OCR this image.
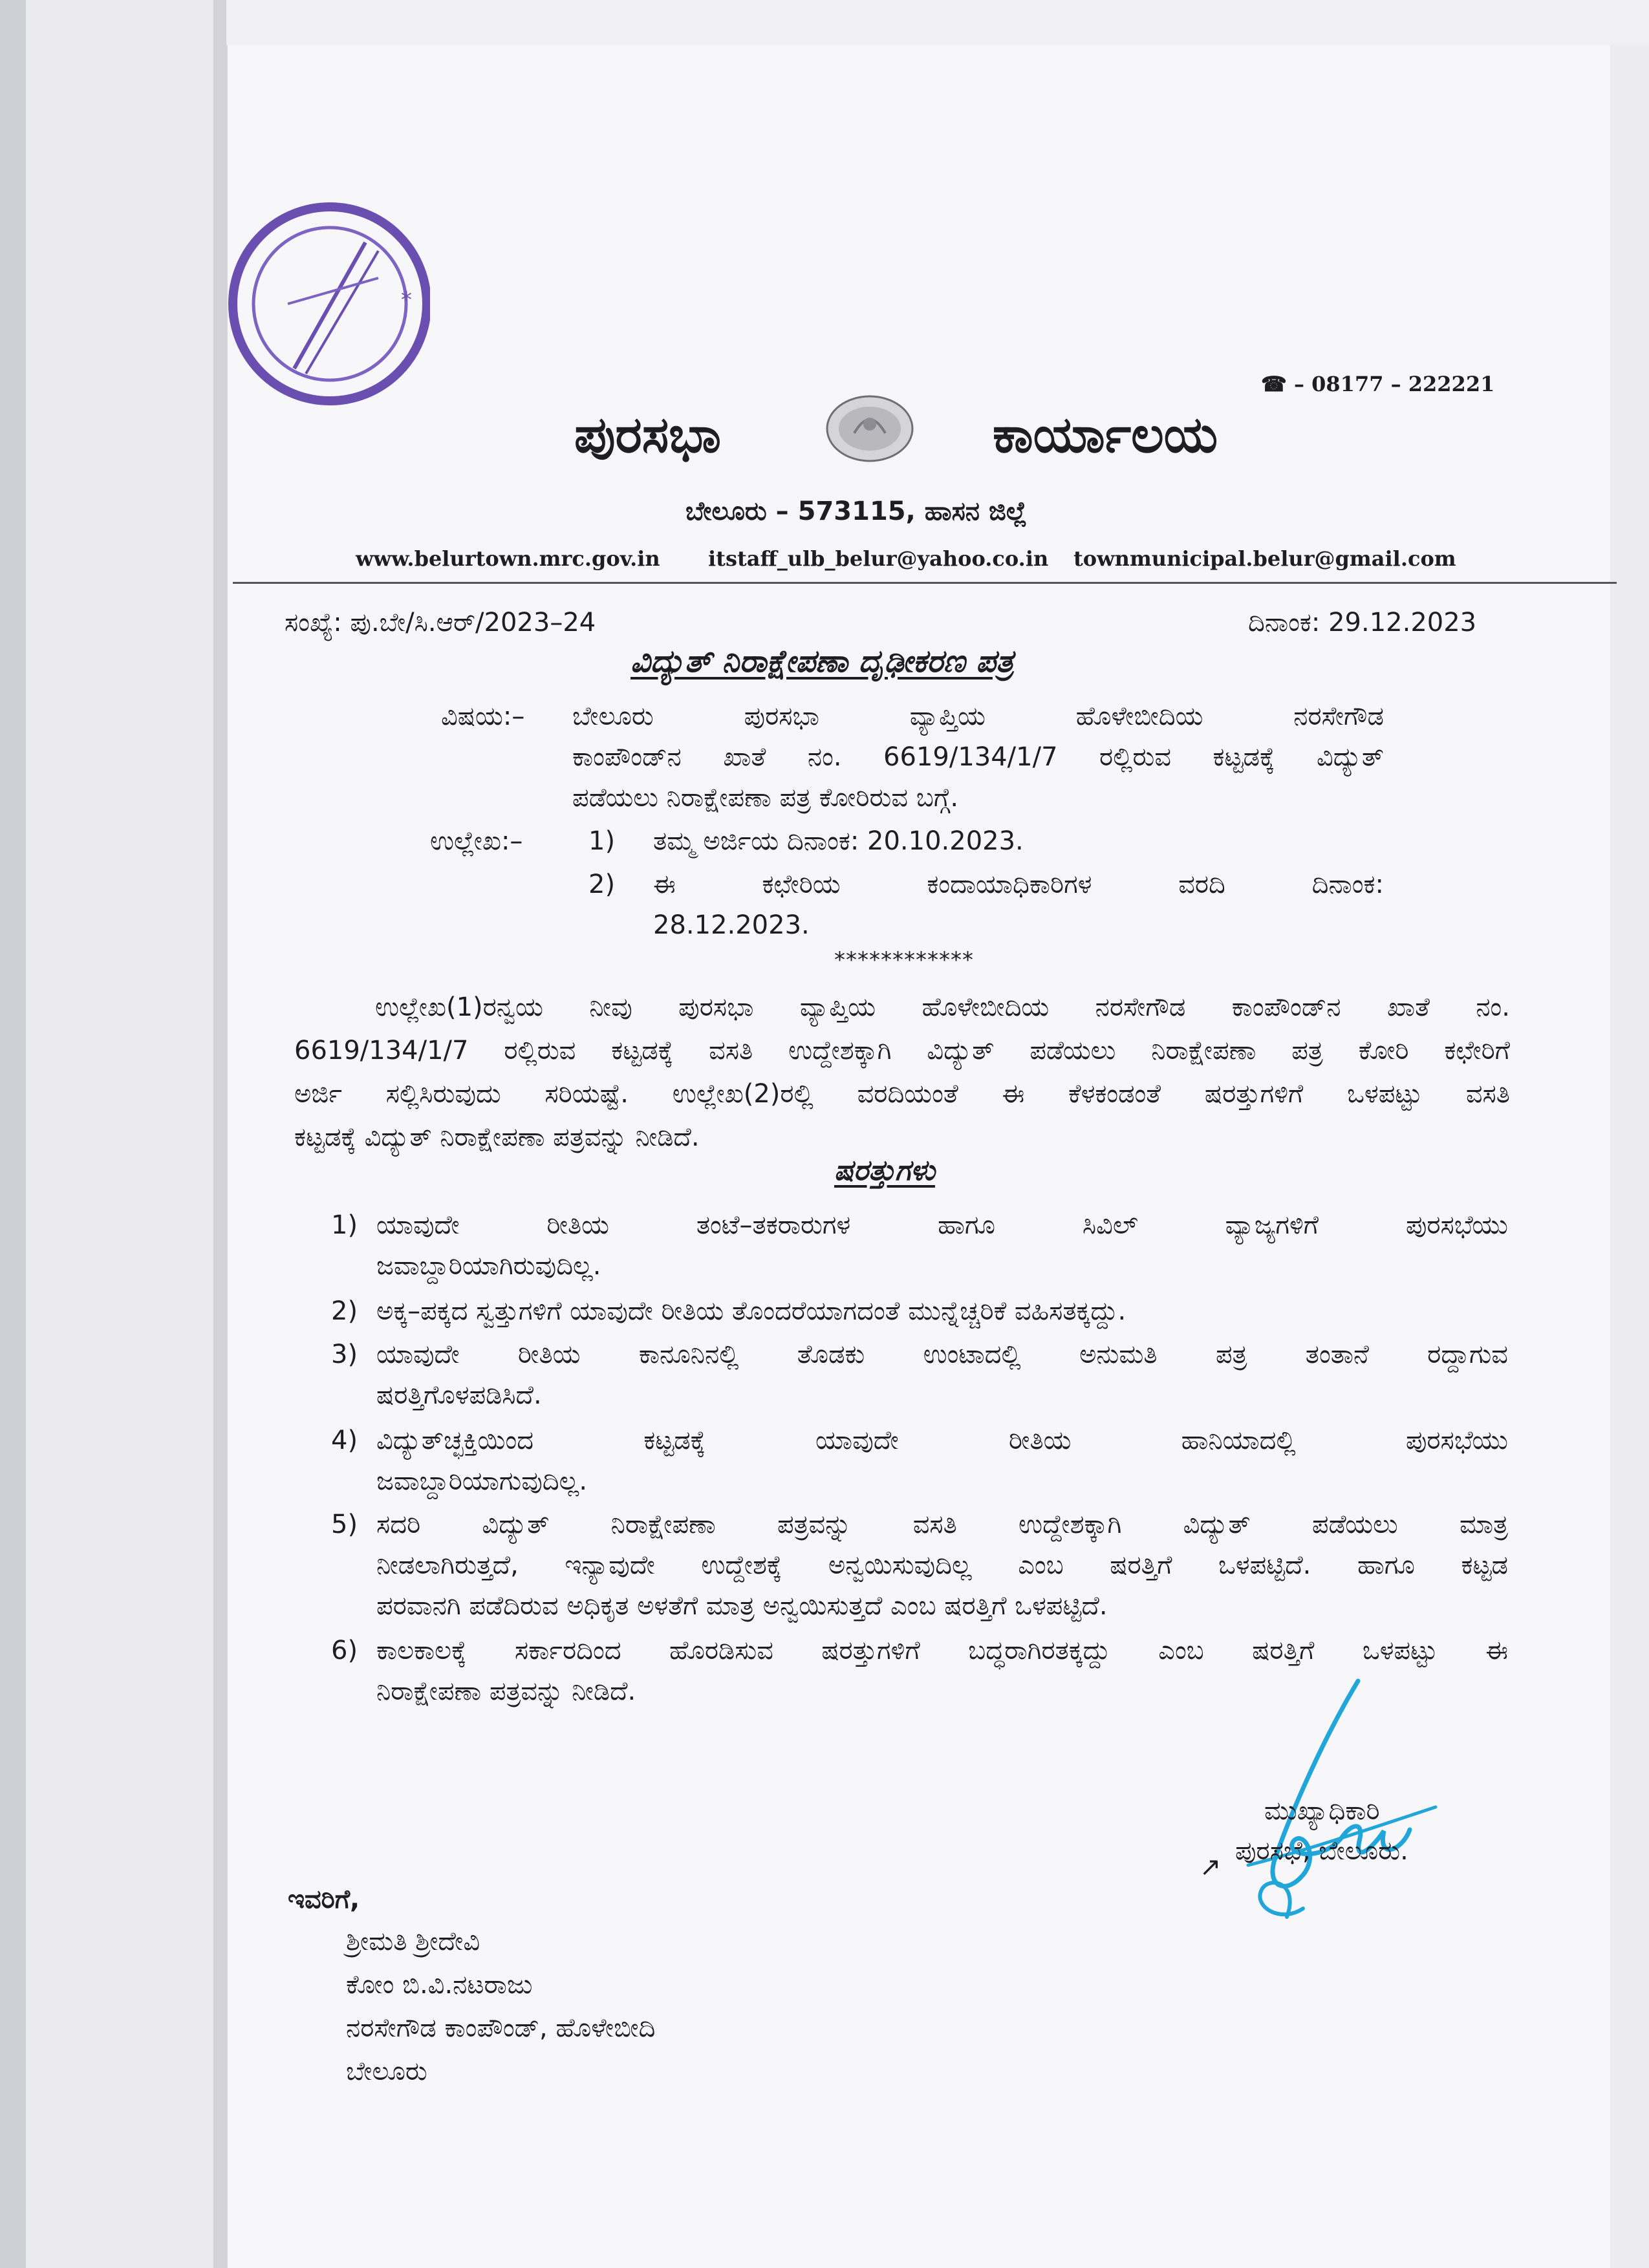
*
☎ – 08177 – 222221
ಪುರಸಭಾ	ಕಾರ್ಯಾಲಯ
ಬೇಲೂರು – 573115, ಹಾಸನ ಜಿಲ್ಲೆ
www.belurtown.mrc.gov.in itstaff_ulb_belur@yahoo.co.in townmunicipal.belur@gmail.com
ಸಂಖ್ಯೆ: ಪು.ಬೇ/ಸಿ.ಆರ್/2023–24	ದಿನಾಂಕ: 29.12.2023
ವಿದ್ಯುತ್ ನಿರಾಕ್ಷೇಪಣಾ ದೃಢೀಕರಣ ಪತ್ರ
ವಿಷಯ:– ಬೇಲೂರು ಪುರಸಭಾ ವ್ಯಾಪ್ತಿಯ ಹೊಳೇಬೀದಿಯ ನರಸೇಗೌಡ
ಕಾಂಪೌಂಡ್‌ನ ಖಾತೆ ನಂ. 6619/134/1/7 ರಲ್ಲಿರುವ ಕಟ್ಟಡಕ್ಕೆ ವಿದ್ಯುತ್
ಪಡೆಯಲು ನಿರಾಕ್ಷೇಪಣಾ ಪತ್ರ ಕೋರಿರುವ ಬಗ್ಗೆ.
ಉಲ್ಲೇಖ:–	1) ತಮ್ಮ ಅರ್ಜಿಯ ದಿನಾಂಕ: 20.10.2023.
2) ಈ ಕಛೇರಿಯ ಕಂದಾಯಾಧಿಕಾರಿಗಳ ವರದಿ ದಿನಾಂಕ:
28.12.2023.
************
ಉಲ್ಲೇಖ(1)ರನ್ವಯ ನೀವು ಪುರಸಭಾ ವ್ಯಾಪ್ತಿಯ ಹೊಳೇಬೀದಿಯ ನರಸೇಗೌಡ ಕಾಂಪೌಂಡ್‌ನ ಖಾತೆ ನಂ.
6619/134/1/7 ರಲ್ಲಿರುವ ಕಟ್ಟಡಕ್ಕೆ ವಸತಿ ಉದ್ದೇಶಕ್ಕಾಗಿ ವಿದ್ಯುತ್ ಪಡೆಯಲು ನಿರಾಕ್ಷೇಪಣಾ ಪತ್ರ ಕೋರಿ ಕಛೇರಿಗೆ
ಅರ್ಜಿ ಸಲ್ಲಿಸಿರುವುದು ಸರಿಯಷ್ಟೆ. ಉಲ್ಲೇಖ(2)ರಲ್ಲಿ ವರದಿಯಂತೆ ಈ ಕೆಳಕಂಡಂತೆ ಷರತ್ತುಗಳಿಗೆ ಒಳಪಟ್ಟು ವಸತಿ
ಕಟ್ಟಡಕ್ಕೆ ವಿದ್ಯುತ್ ನಿರಾಕ್ಷೇಪಣಾ ಪತ್ರವನ್ನು ನೀಡಿದೆ.
ಷರತ್ತುಗಳು
1) ಯಾವುದೇ ರೀತಿಯ ತಂಟೆ–ತಕರಾರುಗಳ ಹಾಗೂ ಸಿವಿಲ್ ವ್ಯಾಜ್ಯಗಳಿಗೆ ಪುರಸಭೆಯು
ಜವಾಬ್ದಾರಿಯಾಗಿರುವುದಿಲ್ಲ.
2) ಅಕ್ಕ–ಪಕ್ಕದ ಸ್ವತ್ತುಗಳಿಗೆ ಯಾವುದೇ ರೀತಿಯ ತೊಂದರೆಯಾಗದಂತೆ ಮುನ್ನೆಚ್ಚರಿಕೆ ವಹಿಸತಕ್ಕದ್ದು.
3) ಯಾವುದೇ ರೀತಿಯ ಕಾನೂನಿನಲ್ಲಿ ತೊಡಕು ಉಂಟಾದಲ್ಲಿ ಅನುಮತಿ ಪತ್ರ ತಂತಾನೆ ರದ್ದಾಗುವ
ಷರತ್ತಿಗೊಳಪಡಿಸಿದೆ.
4) ವಿದ್ಯುತ್‌ಚ್ಛಕ್ತಿಯಿಂದ ಕಟ್ಟಡಕ್ಕೆ ಯಾವುದೇ ರೀತಿಯ ಹಾನಿಯಾದಲ್ಲಿ ಪುರಸಭೆಯು
ಜವಾಬ್ದಾರಿಯಾಗುವುದಿಲ್ಲ.
5) ಸದರಿ ವಿದ್ಯುತ್ ನಿರಾಕ್ಷೇಪಣಾ ಪತ್ರವನ್ನು ವಸತಿ ಉದ್ದೇಶಕ್ಕಾಗಿ ವಿದ್ಯುತ್ ಪಡೆಯಲು ಮಾತ್ರ
ನೀಡಲಾಗಿರುತ್ತದೆ, ಇನ್ಯಾವುದೇ ಉದ್ದೇಶಕ್ಕೆ ಅನ್ವಯಿಸುವುದಿಲ್ಲ ಎಂಬ ಷರತ್ತಿಗೆ ಒಳಪಟ್ಟಿದೆ. ಹಾಗೂ ಕಟ್ಟಡ
ಪರವಾನಗಿ ಪಡೆದಿರುವ ಅಧಿಕೃತ ಅಳತೆಗೆ ಮಾತ್ರ ಅನ್ವಯಿಸುತ್ತದೆ ಎಂಬ ಷರತ್ತಿಗೆ ಒಳಪಟ್ಟಿದೆ.
6) ಕಾಲಕಾಲಕ್ಕೆ ಸರ್ಕಾರದಿಂದ ಹೊರಡಿಸುವ ಷರತ್ತುಗಳಿಗೆ ಬದ್ಧರಾಗಿರತಕ್ಕದ್ದು ಎಂಬ ಷರತ್ತಿಗೆ ಒಳಪಟ್ಟು ಈ
ನಿರಾಕ್ಷೇಪಣಾ ಪತ್ರವನ್ನು ನೀಡಿದೆ.
ಮುಖ್ಯಾಧಿಕಾರಿ
ಪುರಸಭೆ, ಬೇಲೂರು.
↗
ಇವರಿಗೆ,
ಶ್ರೀಮತಿ ಶ್ರೀದೇವಿ
ಕೋಂ ಬಿ.ವಿ.ನಟರಾಜು
ನರಸೇಗೌಡ ಕಾಂಪೌಂಡ್, ಹೊಳೇಬೀದಿ
ಬೇಲೂರು
